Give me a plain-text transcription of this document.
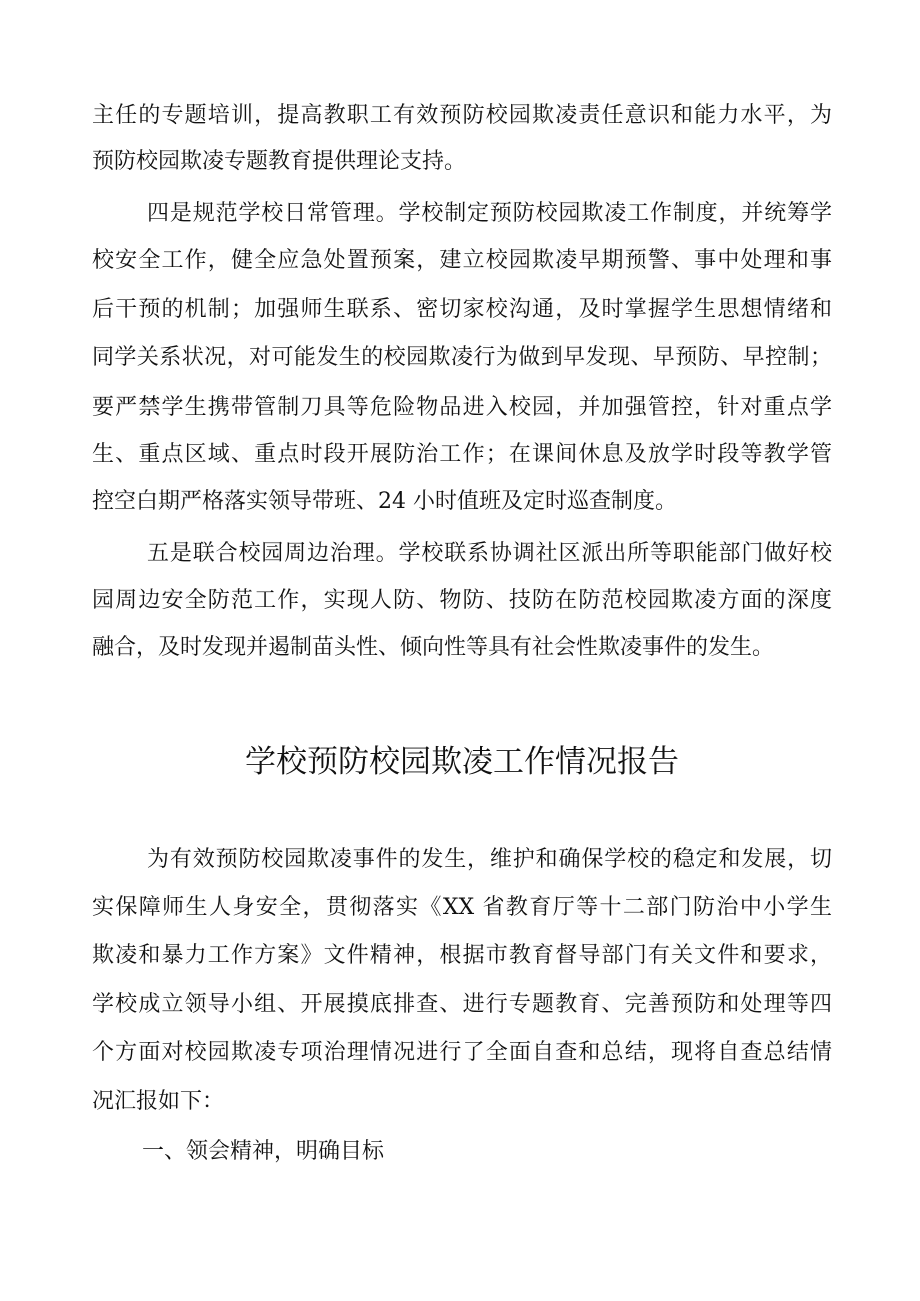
主任的专题培训，提高教职工有效预防校园欺凌责任意识和能力水平，为
预防校园欺凌专题教育提供理论支持。
四是规范学校日常管理。学校制定预防校园欺凌工作制度，并统筹学
校安全工作，健全应急处置预案，建立校园欺凌早期预警、事中处理和事
后干预的机制；加强师生联系、密切家校沟通，及时掌握学生思想情绪和
同学关系状况，对可能发生的校园欺凌行为做到早发现、早预防、早控制；
要严禁学生携带管制刀具等危险物品进入校园，并加强管控，针对重点学
生、重点区域、重点时段开展防治工作；在课间休息及放学时段等教学管
控空白期严格落实领导带班、24 小时值班及定时巡查制度。
五是联合校园周边治理。学校联系协调社区派出所等职能部门做好校
园周边安全防范工作，实现人防、物防、技防在防范校园欺凌方面的深度
融合，及时发现并遏制苗头性、倾向性等具有社会性欺凌事件的发生。
学校预防校园欺凌工作情况报告
为有效预防校园欺凌事件的发生，维护和确保学校的稳定和发展，切
实保障师生人身安全，贯彻落实《XX 省教育厅等十二部门防治中小学生
欺凌和暴力工作方案》文件精神，根据市教育督导部门有关文件和要求，
学校成立领导小组、开展摸底排查、进行专题教育、完善预防和处理等四
个方面对校园欺凌专项治理情况进行了全面自查和总结，现将自查总结情
况汇报如下：
一、领会精神，明确目标
